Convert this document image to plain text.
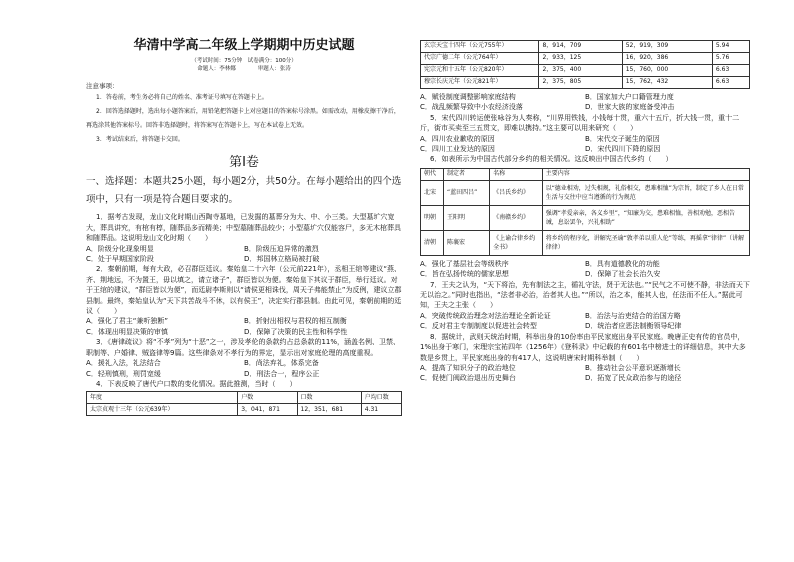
华清中学高二年级上学期期中历史试题
（考试时间：75分钟　试卷满分：100分）
命题人：李林娜　　　　审题人：张涛
注意事项：

1．答卷前，考生务必将自己的姓名、准考证号填写在答题卡上。

2．回答选择题时，选出每小题答案后，用铅笔把答题卡上对应题目的答案标号涂黑。如需改动，用橡皮擦干净后，再选涂其他答案标号。回答非选择题时，将答案写在答题卡上，写在本试卷上无效。

3．考试结束后，将答题卡交回。

第Ⅰ卷
一、选择题：本题共25小题，每小题2分，共50分。在每小题给出的四个选项中，只有一项是符合题目要求的。

1．据考古发现，龙山文化时期山西陶寺墓地，已发掘的墓葬分为大、中、小三类。大型墓圹穴宽大，葬具讲究，有棺有椁，随葬品多而精美；中型墓随葬品较少；小型墓圹穴仅能容尸，多无木棺葬具和随葬品。这说明龙山文化时期（　　）

A．阶级分化现象明显	B．阶级压迫异常的激烈
C．处于早期国家阶段	D．邦国林立格局被打破

2．秦朝前期，每有大政，必召群臣廷议。秦始皇二十六年（公元前221年），丞相王绾等建议“燕、齐、荆地远，不为置王，毋以填之，请立诸子”，群臣皆以为便。秦始皇下其议于群臣，举行廷议。对于王绾的建议，“群臣皆以为便”，而廷尉李斯则以“请侯更相诛伐，周天子弗能禁止”为反例，建议立郡县制。最终，秦始皇认为“天下共苦战斗不休，以有侯王”，决定实行郡县制。由此可见，秦朝前期的廷议（　　）

A．强化了君主“兼听独断”	B．折射出相权与君权的相互制衡
C．体现出明显决策的审慎	D．保障了决策的民主性和科学性

3．《唐律疏议》将“不孝”列为“十恶”之一，涉及孝伦的条款约占总条款的11%，涵盖名例、卫禁、职制等、户婚律、贼盗律等9篇。这些律条对不孝行为的界定，显示出对家庭伦理的高度重视。

A．援礼入法，礼法结合	B．尚法弃礼，体系完备
C．轻刑慎刑，刑罚宽缓	D．刑法合一，程序公正

4．下表反映了唐代户口数的变化情况。据此推测，当时（　　）

年度	户数	口数	户均口数
太宗贞观十三年（公元639年）	3，041，871	12，351，681	4.31
玄宗天宝十四年（公元755年）	8，914，709	52，919，309	5.94
代宗广德二年（公元764年）	2，933，125	16，920，386	5.76
宪宗元和十五年（公元820年）	2，375，400	15，760，000	6.63
穆宗长庆元年（公元821年）	2，375，805	15，762，432	6.63
A．赋役制度调整影响家庭结构	B．国家加大户口籍管理力度
C．战乱频繁导致中小农经济没落	D．世家大族的家庭备受冲击

5．宋代四川转运使张咏谷为人奏称，“川界用铁钱，小钱每十贯，重六十五斤，折大钱一贯，重十二斤，街市买卖至三五贯文，即难以携持。”这主要可以用来研究（　　）

A．四川农业歉收的原因	B．宋代交子诞生的原因
C．四川工业发达的原因	D．宋代四川下降的原因

6．如表所示为中国古代部分乡约的相关情况。这反映出中国古代乡约（　　）

朝代	制定者	名称	主要内容
北宋	“蓝田四吕”	《吕氏乡约》	以“德业相劝，过失相规，礼俗相交，患难相恤”为宗旨，制定了乡人在日常生活与交往中应当遵循的行为规范
明朝	王阳明	《南赣乡约》	强调“孝爱亲亲，各义乡里”，“知廉为交，患难相恤，善相劝勉，恶相告诫，息讼罢争，兴礼相助”
清朝	陈襄宏	《上谕合律乡约全书》	将乡约的程序化，讲解宪圣谕“敦孝弟以重人伦”等练，再摇拿“律律”（讲解律律）
A．强化了基层社会等级秩序	B．具有道德教化的功能
C．旨在弘扬传统的儒家思想	D．保障了社会长治久安

7．王夫之认为，“天下将治，先有制法之主，循礼守法，贤于无法也。”“民气之不可使不静，非法而天下无以治之。”同时也指出，“法者非必治，治者其人也。”“所以，治之本，能其人也，任法而不任人。”据此可知，王夫之主张（　　）

A．突破传统政治理念对法治理论全新论证	B．治法与治吏结合的治国方略
C．反对君主专制制度以促进社会转型	D．统治者应恶法制衡领导纪律

8．据统计，武则天统治时期，科举出身的10份率由平民家庭出身平民家庭。晚唐正史有传的官员中，1%出身于寒门，宋理宗宝祐四年（1256年）《登科录》中记载的有601名中榜进士的详细信息，其中大多数是乡贯上，平民家庭出身的有417人，这说明唐宋时期科举制（　　）

A．提高了知识分子的政治地位	B．推动社会公平意识逐渐增长
C．促使门阀政治退出历史舞台	D．拓宽了民众政治参与的途径
